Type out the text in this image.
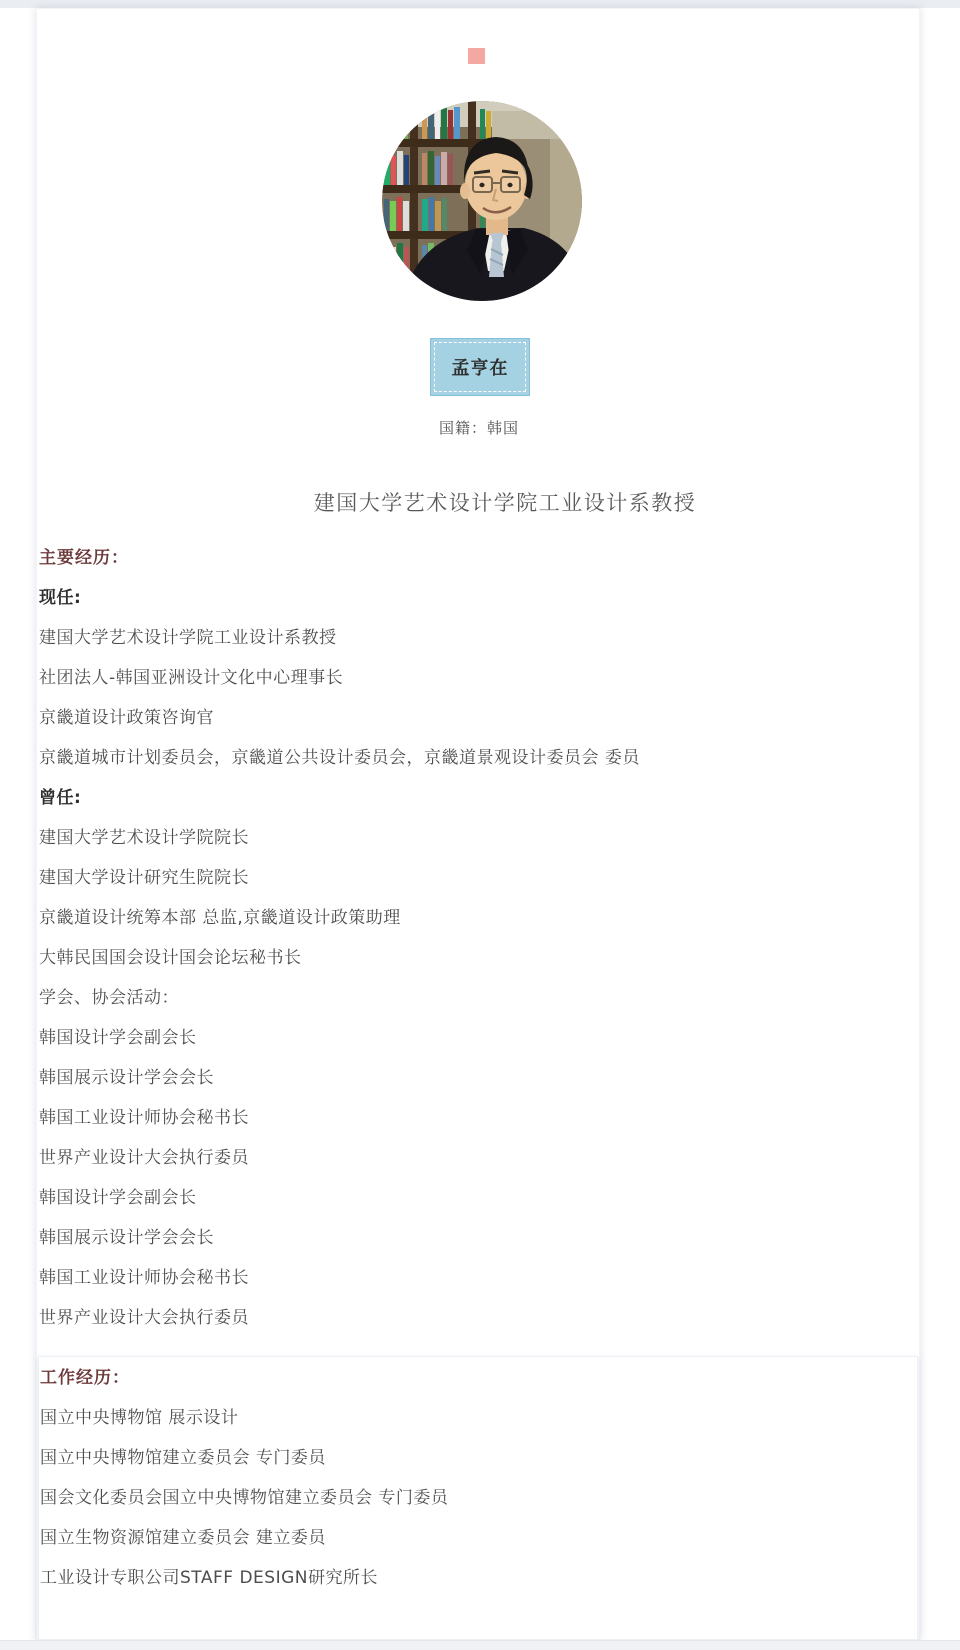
孟亨在
国籍：韩国
建国大学艺术设计学院工业设计系教授
主要经历：
现任:
建国大学艺术设计学院工业设计系教授
社团法人-韩国亚洲设计文化中心理事长
京畿道设计政策咨询官
京畿道城市计划委员会，京畿道公共设计委员会，京畿道景观设计委员会 委员
曾任:
建国大学艺术设计学院院长
建国大学设计研究生院院长
京畿道设计统筹本部 总监,京畿道设计政策助理
大韩民国国会设计国会论坛秘书长
学会、协会活动：
韩国设计学会副会长
韩国展示设计学会会长
韩国工业设计师协会秘书长
世界产业设计大会执行委员
韩国设计学会副会长
韩国展示设计学会会长
韩国工业设计师协会秘书长
世界产业设计大会执行委员
工作经历：
国立中央博物馆 展示设计
国立中央博物馆建立委员会 专门委员
国会文化委员会国立中央博物馆建立委员会 专门委员
国立生物资源馆建立委员会 建立委员
工业设计专职公司STAFF DESIGN研究所长
